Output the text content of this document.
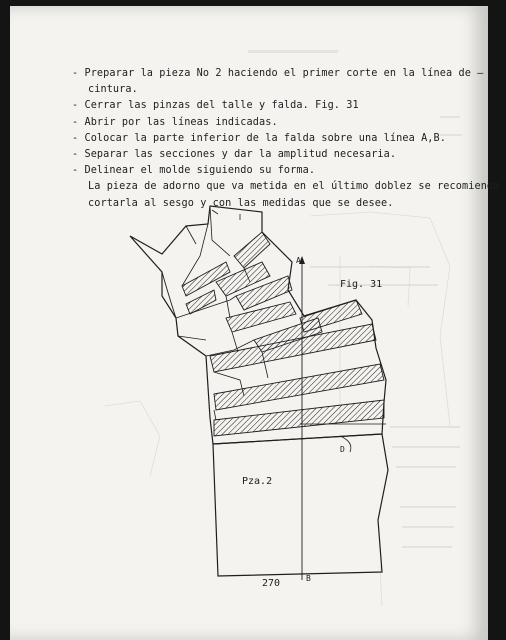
- Preparar la pieza No 2 haciendo el primer corte en la línea de —
cintura.
- Cerrar las pinzas del talle y falda. Fig. 31
- Abrir por las líneas indicadas.
- Colocar la parte inferior de la falda sobre una línea A,B.
- Separar las secciones y dar la amplitud necesaria.
- Delinear el molde siguiendo su forma.
La pieza de adorno que va metida en el último doblez se recomienda
cortarla al sesgo y con las medidas que se desee.
Fig. 31
A
D
Pza.2
B
270
